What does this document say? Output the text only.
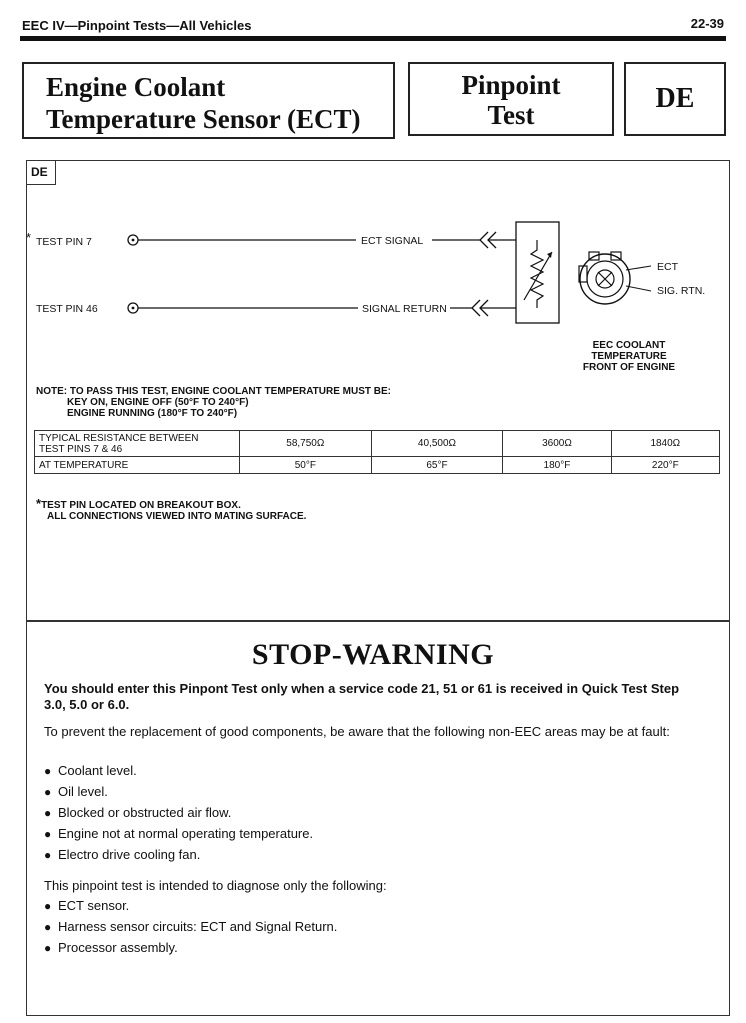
EEC IV—Pinpoint Tests—All Vehicles	22-39
Engine Coolant
Temperature Sensor (ECT)
Pinpoint
Test
DE
DE
* TEST PIN 7
TEST PIN 46
ECT SIGNAL
SIGNAL RETURN
ECT
SIG. RTN.
EEC COOLANT
TEMPERATURE
FRONT OF ENGINE
NOTE: TO PASS THIS TEST, ENGINE COOLANT TEMPERATURE MUST BE:
KEY ON, ENGINE OFF (50°F TO 240°F)
ENGINE RUNNING (180°F TO 240°F)
TYPICAL RESISTANCE BETWEEN
TEST PINS 7 & 46	58,750Ω	40,500Ω	3600Ω	1840Ω
AT TEMPERATURE	50°F	65°F	180°F	220°F
*TEST PIN LOCATED ON BREAKOUT BOX.
ALL CONNECTIONS VIEWED INTO MATING SURFACE.
STOP-WARNING
You should enter this Pinpont Test only when a service code 21, 51 or 61 is received in Quick Test Step 3.0, 5.0 or 6.0.
To prevent the replacement of good components, be aware that the following non-EEC areas may be at fault:
● Coolant level.
● Oil level.
● Blocked or obstructed air flow.
● Engine not at normal operating temperature.
● Electro drive cooling fan.
This pinpoint test is intended to diagnose only the following:
● ECT sensor.
● Harness sensor circuits: ECT and Signal Return.
● Processor assembly.
